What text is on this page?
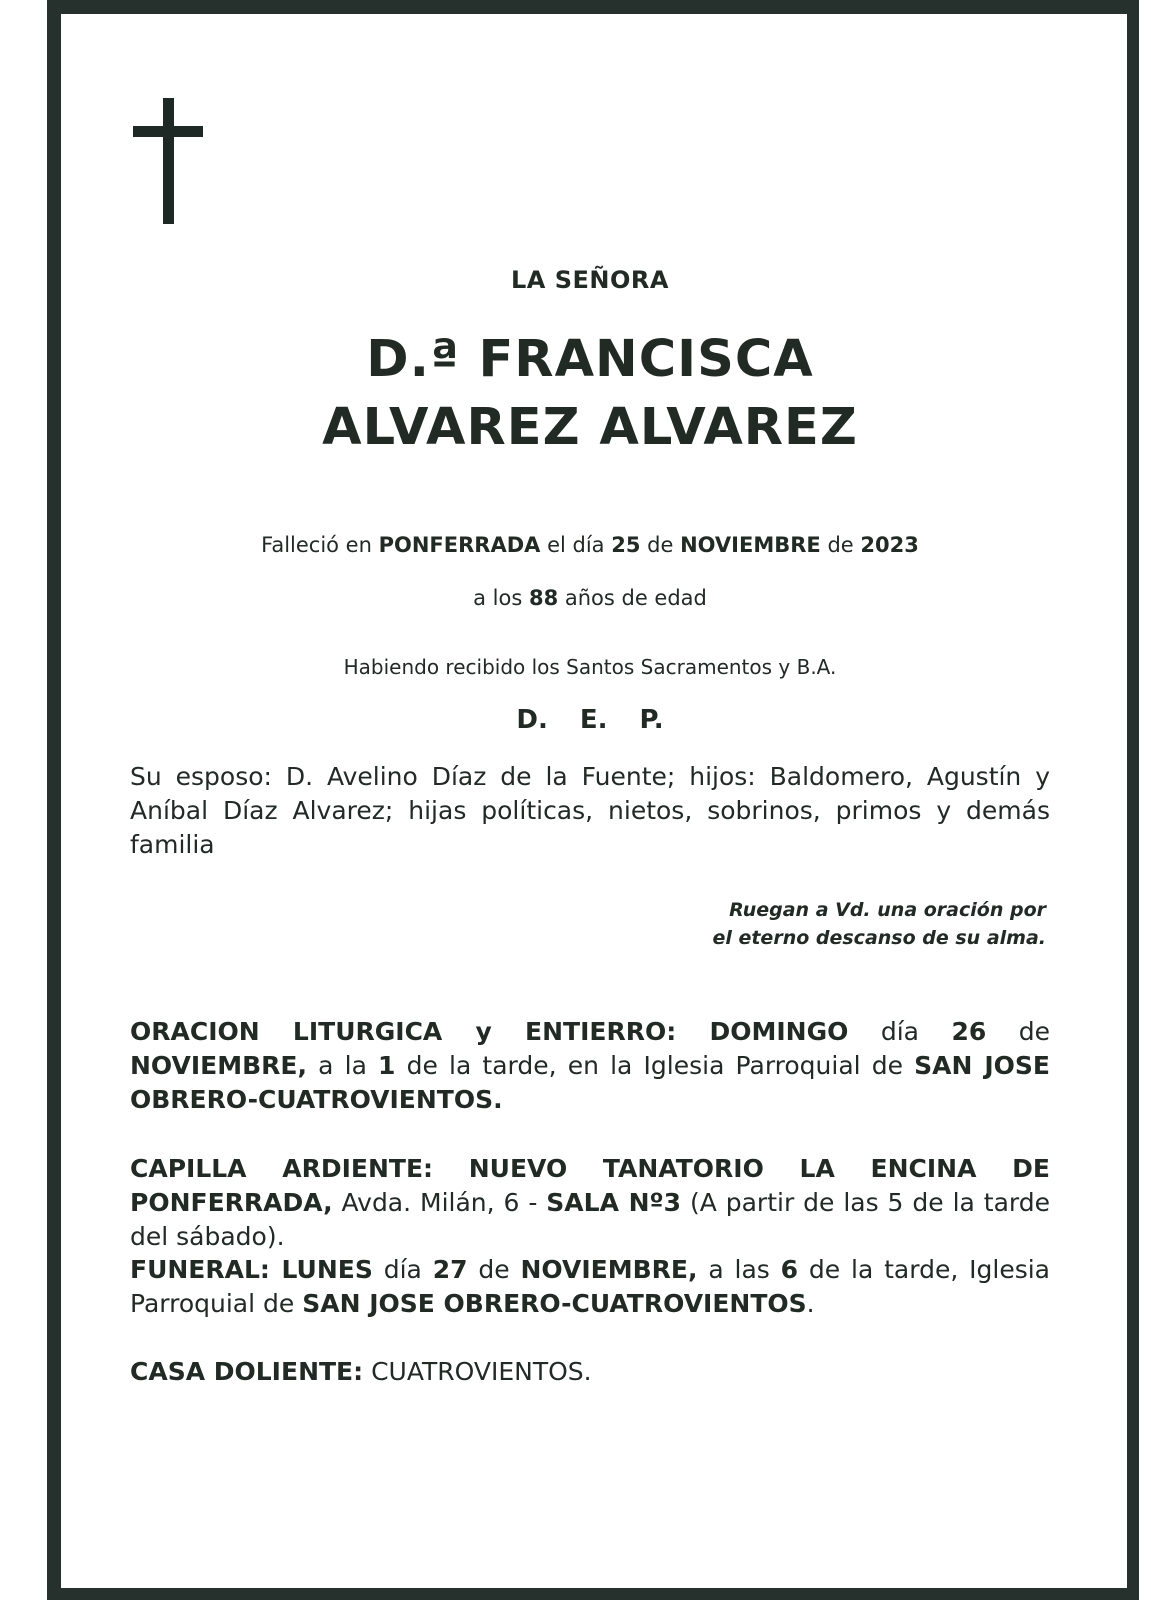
LA SEÑORA
D.ª FRANCISCA
ALVAREZ ALVAREZ
Falleció en PONFERRADA el día 25 de NOVIEMBRE de 2023
a los 88 años de edad
Habiendo recibido los Santos Sacramentos y B.A.
D. E. P.
Su esposo: D. Avelino Díaz de la Fuente; hijos: Baldomero, Agustín y Aníbal Díaz Alvarez; hijas políticas, nietos, sobrinos, primos y demás familia
Ruegan a Vd. una oración por
el eterno descanso de su alma.
ORACION LITURGICA y ENTIERRO: DOMINGO día 26 de NOVIEMBRE, a la 1 de la tarde, en la Iglesia Parroquial de SAN JOSE OBRERO-CUATROVIENTOS.
CAPILLA ARDIENTE: NUEVO TANATORIO LA ENCINA DE PONFERRADA, Avda. Milán, 6 - SALA Nº3 (A partir de las 5 de la tarde del sábado).
FUNERAL: LUNES día 27 de NOVIEMBRE, a las 6 de la tarde, Iglesia Parroquial de SAN JOSE OBRERO-CUATROVIENTOS.
CASA DOLIENTE: CUATROVIENTOS.
